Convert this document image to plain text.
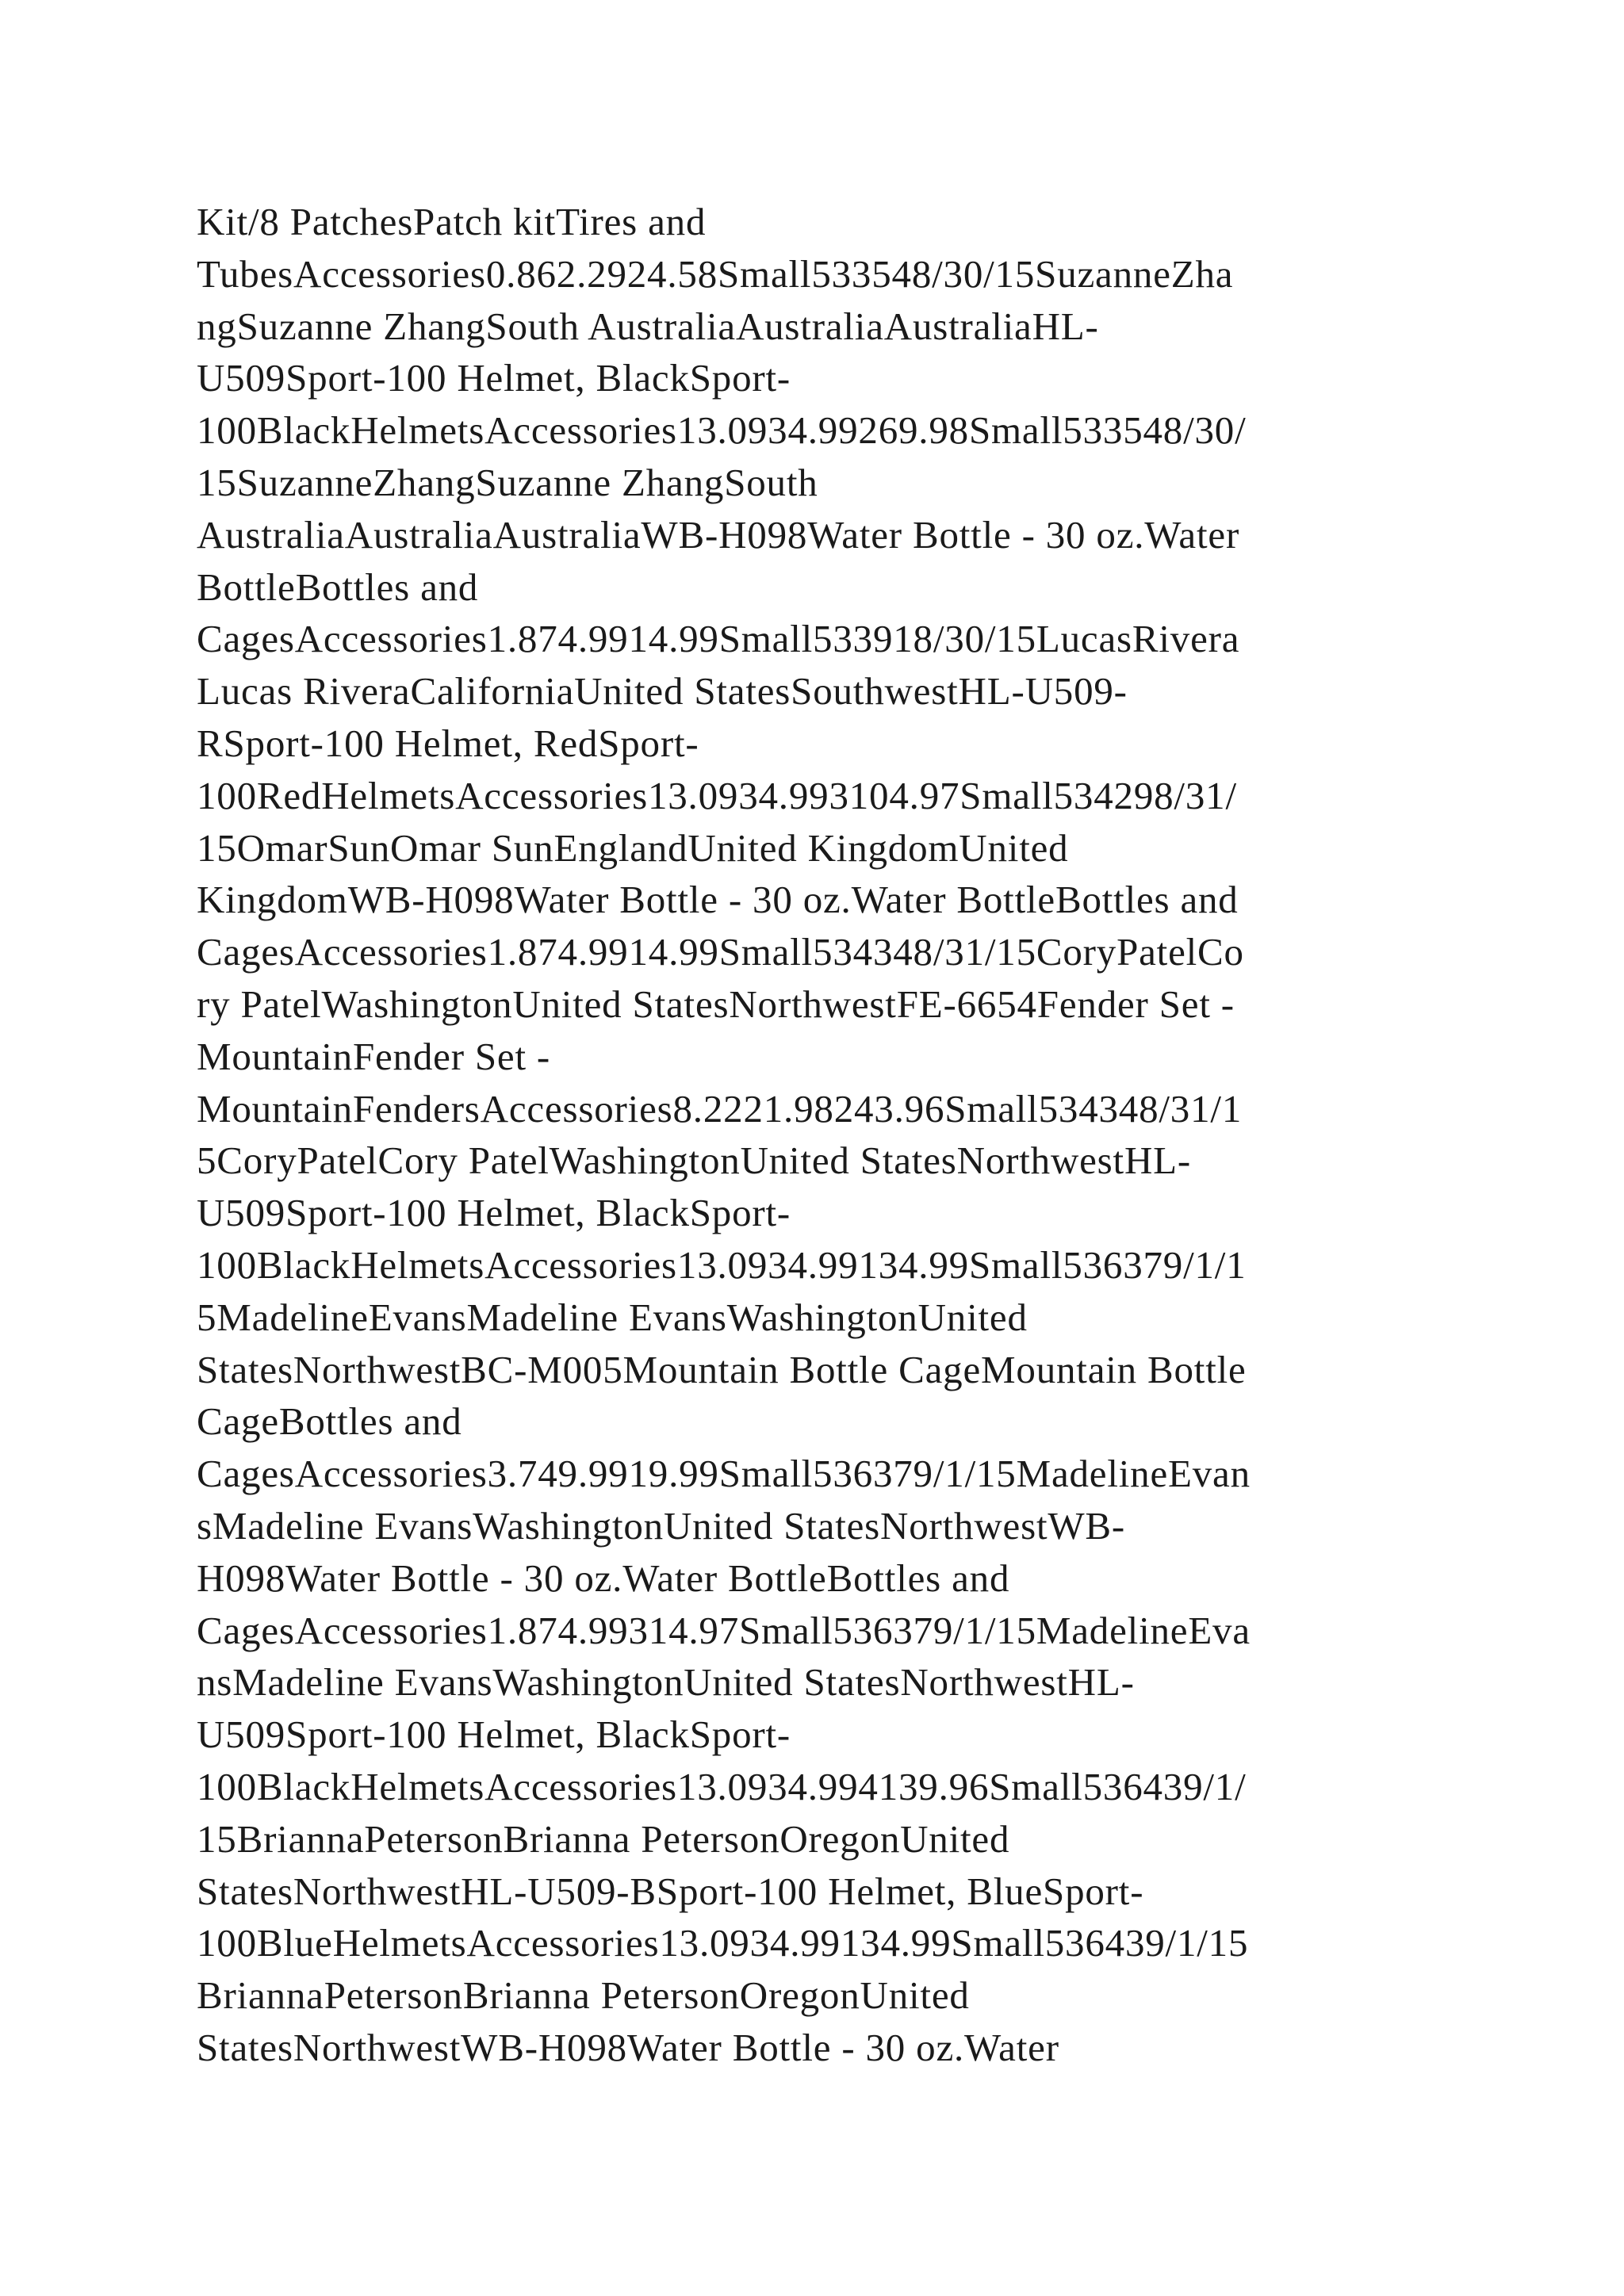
Kit/8 PatchesPatch kitTires and
TubesAccessories0.862.2924.58Small533548/30/15SuzanneZha
ngSuzanne ZhangSouth AustraliaAustraliaAustraliaHL-
U509Sport-100 Helmet, BlackSport-
100BlackHelmetsAccessories13.0934.99269.98Small533548/30/
15SuzanneZhangSuzanne ZhangSouth
AustraliaAustraliaAustraliaWB-H098Water Bottle - 30 oz.Water
BottleBottles and
CagesAccessories1.874.9914.99Small533918/30/15LucasRivera
Lucas RiveraCaliforniaUnited StatesSouthwestHL-U509-
RSport-100 Helmet, RedSport-
100RedHelmetsAccessories13.0934.993104.97Small534298/31/
15OmarSunOmar SunEnglandUnited KingdomUnited
KingdomWB-H098Water Bottle - 30 oz.Water BottleBottles and
CagesAccessories1.874.9914.99Small534348/31/15CoryPatelCo
ry PatelWashingtonUnited StatesNorthwestFE-6654Fender Set -
MountainFender Set -
MountainFendersAccessories8.2221.98243.96Small534348/31/1
5CoryPatelCory PatelWashingtonUnited StatesNorthwestHL-
U509Sport-100 Helmet, BlackSport-
100BlackHelmetsAccessories13.0934.99134.99Small536379/1/1
5MadelineEvansMadeline EvansWashingtonUnited
StatesNorthwestBC-M005Mountain Bottle CageMountain Bottle
CageBottles and
CagesAccessories3.749.9919.99Small536379/1/15MadelineEvan
sMadeline EvansWashingtonUnited StatesNorthwestWB-
H098Water Bottle - 30 oz.Water BottleBottles and
CagesAccessories1.874.99314.97Small536379/1/15MadelineEva
nsMadeline EvansWashingtonUnited StatesNorthwestHL-
U509Sport-100 Helmet, BlackSport-
100BlackHelmetsAccessories13.0934.994139.96Small536439/1/
15BriannaPetersonBrianna PetersonOregonUnited
StatesNorthwestHL-U509-BSport-100 Helmet, BlueSport-
100BlueHelmetsAccessories13.0934.99134.99Small536439/1/15
BriannaPetersonBrianna PetersonOregonUnited
StatesNorthwestWB-H098Water Bottle - 30 oz.Water
